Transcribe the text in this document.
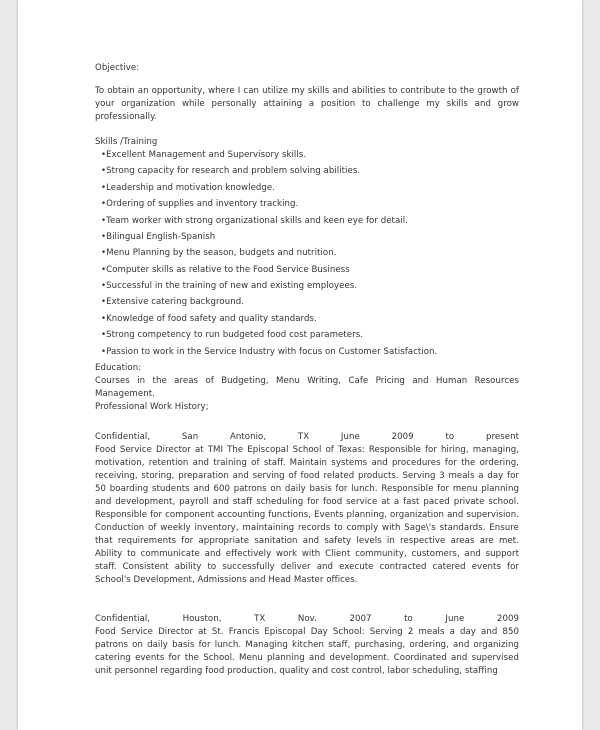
Objective:

To obtain an opportunity, where I can utilize my skills and abilities to contribute to the growth of your organization while personally attaining a position to challenge my skills and grow professionally.

Skills /Training

• Excellent Management and Supervisory skills.
• Strong capacity for research and problem solving abilities.
• Leadership and motivation knowledge.
• Ordering of supplies and inventory tracking.
• Team worker with strong organizational skills and keen eye for detail.
• Bilingual English-Spanish
• Menu Planning by the season, budgets and nutrition.
• Computer skills as relative to the Food Service Business
• Successful in the training of new and existing employees.
• Extensive catering background.
• Knowledge of food safety and quality standards.
• Strong competency to run budgeted food cost parameters.
• Passion to work in the Service Industry with focus on Customer Satisfaction.

Education:

Courses in the areas of Budgeting, Menu Writing, Cafe Pricing and Human Resources Management.

Professional Work History;

Confidential, San Antonio, TX June 2009 to present

Food Service Director at TMI The Episcopal School of Texas: Responsible for hiring, managing, motivation, retention and training of staff. Maintain systems and procedures for the ordering, receiving, storing, preparation and serving of food related products. Serving 3 meals a day for 50 boarding students and 600 patrons on daily basis for lunch. Responsible for menu planning and development, payroll and staff scheduling for food service at a fast paced private school. Responsible for component accounting functions, Events planning, organization and supervision. Conduction of weekly inventory, maintaining records to comply with Sage\'s standards. Ensure that requirements for appropriate sanitation and safety levels in respective areas are met. Ability to communicate and effectively work with Client community, customers, and support staff. Consistent ability to successfully deliver and execute contracted catered events for School's Development, Admissions and Head Master offices.

Confidential, Houston, TX Nov. 2007 to June 2009

Food Service Director at St. Francis Episcopal Day School: Serving 2 meals a day and 850 patrons on daily basis for lunch. Managing kitchen staff, purchasing, ordering, and organizing catering events for the School. Menu planning and development. Coordinated and supervised unit personnel regarding food production, quality and cost control, labor scheduling, staffing
